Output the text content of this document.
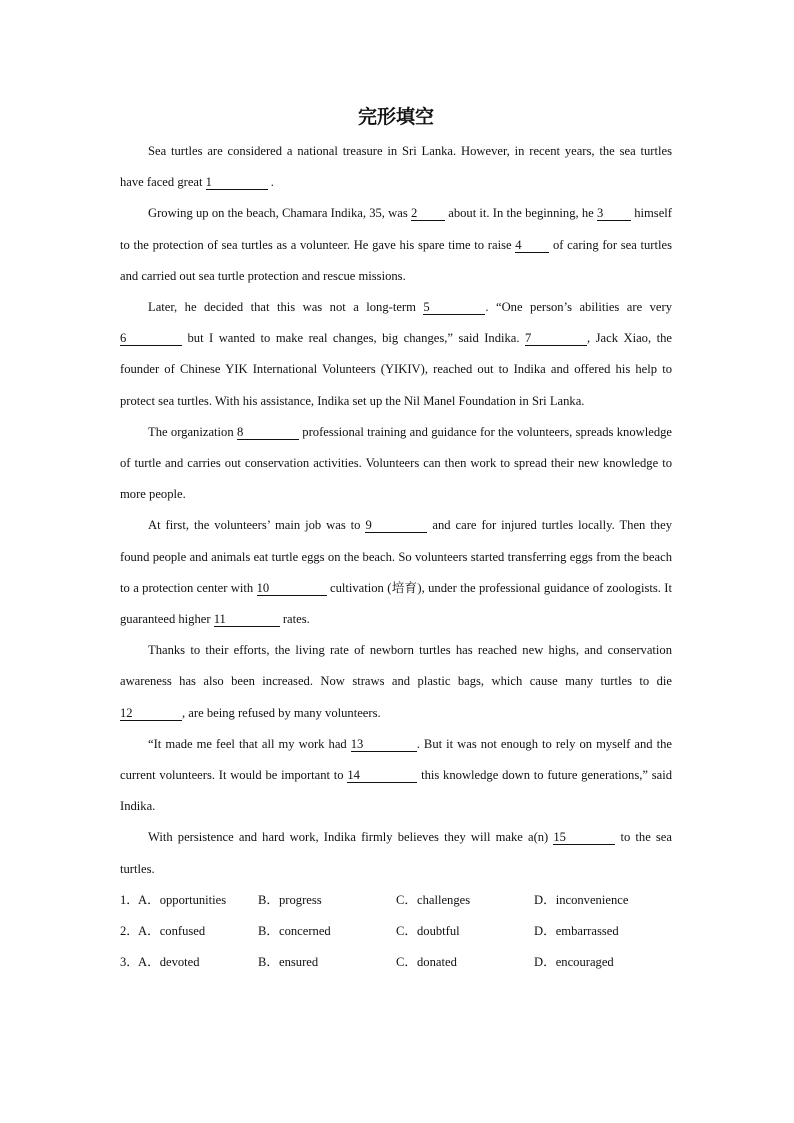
完形填空

Sea turtles are considered a national treasure in Sri Lanka. However, in recent years, the sea turtles have faced great 1	.

Growing up on the beach, Chamara Indika, 35, was 2 about it. In the beginning, he 3 himself to the protection of sea turtles as a volunteer. He gave his spare time to raise 4 of caring for sea turtles and carried out sea turtle protection and rescue missions.

Later, he decided that this was not a long-term 5	. “One person’s abilities are very 6	but I wanted to make real changes, big changes,” said Indika. 7	, Jack Xiao, the founder of Chinese YIK International Volunteers (YIKIV), reached out to Indika and offered his help to protect sea turtles. With his assistance, Indika set up the Nil Manel Foundation in Sri Lanka.

The organization 8	professional training and guidance for the volunteers, spreads knowledge of turtle and carries out conservation activities. Volunteers can then work to spread their new knowledge to more people.

At first, the volunteers’ main job was to 9	and care for injured turtles locally. Then they found people and animals eat turtle eggs on the beach. So volunteers started transferring eggs from the beach to a protection center with 10	cultivation (培育), under the professional guidance of zoologists. It guaranteed higher 11	rates.

Thanks to their efforts, the living rate of newborn turtles has reached new highs, and conservation awareness has also been increased. Now straws and plastic bags, which cause many turtles to die 12	, are being refused by many volunteers.

“It made me feel that all my work had 13	. But it was not enough to rely on myself and the current volunteers. It would be important to 14	this knowledge down to future generations,” said Indika.

With persistence and hard work, Indika firmly believes they will make a(n) 15	to the sea turtles.

1． A．opportunities	B．progress	C．challenges	D．inconvenience
2． A．confused	B．concerned	C．doubtful	D．embarrassed
3． A．devoted	B．ensured	C．donated	D．encouraged
